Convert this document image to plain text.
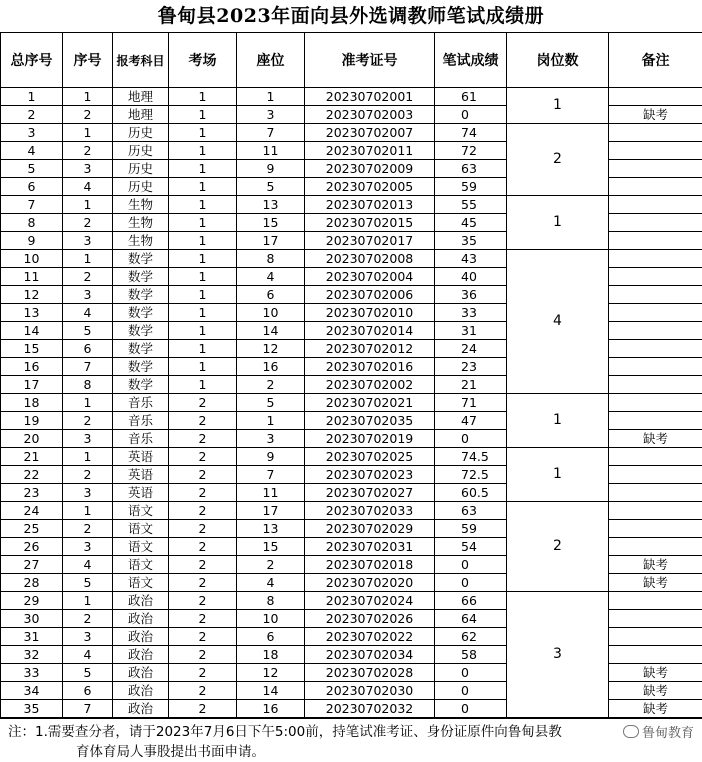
鲁甸县2023年面向县外选调教师笔试成绩册
总序号	序号	报考科目	考场	座位	准考证号	笔试成绩	岗位数	备注
1	1	地理	1	1	20230702001	61	1	
2	2	地理	1	3	20230702003	0		缺考
3	1	历史	1	7	20230702007	74	2	
4	2	历史	1	11	20230702011	72		
5	3	历史	1	9	20230702009	63		
6	4	历史	1	5	20230702005	59		
7	1	生物	1	13	20230702013	55	1	
8	2	生物	1	15	20230702015	45		
9	3	生物	1	17	20230702017	35		
10	1	数学	1	8	20230702008	43	4	
11	2	数学	1	4	20230702004	40		
12	3	数学	1	6	20230702006	36		
13	4	数学	1	10	20230702010	33		
14	5	数学	1	14	20230702014	31		
15	6	数学	1	12	20230702012	24		
16	7	数学	1	16	20230702016	23		
17	8	数学	1	2	20230702002	21		
18	1	音乐	2	5	20230702021	71	1	
19	2	音乐	2	1	20230702035	47		
20	3	音乐	2	3	20230702019	0		缺考
21	1	英语	2	9	20230702025	74.5	1	
22	2	英语	2	7	20230702023	72.5		
23	3	英语	2	11	20230702027	60.5		
24	1	语文	2	17	20230702033	63	2	
25	2	语文	2	13	20230702029	59		
26	3	语文	2	15	20230702031	54		
27	4	语文	2	2	20230702018	0		缺考
28	5	语文	2	4	20230702020	0		缺考
29	1	政治	2	8	20230702024	66	3	
30	2	政治	2	10	20230702026	64		
31	3	政治	2	6	20230702022	62		
32	4	政治	2	18	20230702034	58		
33	5	政治	2	12	20230702028	0		缺考
34	6	政治	2	14	20230702030	0		缺考
35	7	政治	2	16	20230702032	0		缺考
注：1.需要查分者，请于2023年7月6日下午5:00前，持笔试准考证、身份证原件向鲁甸县教
育体育局人事股提出书面申请。
鲁甸教育
